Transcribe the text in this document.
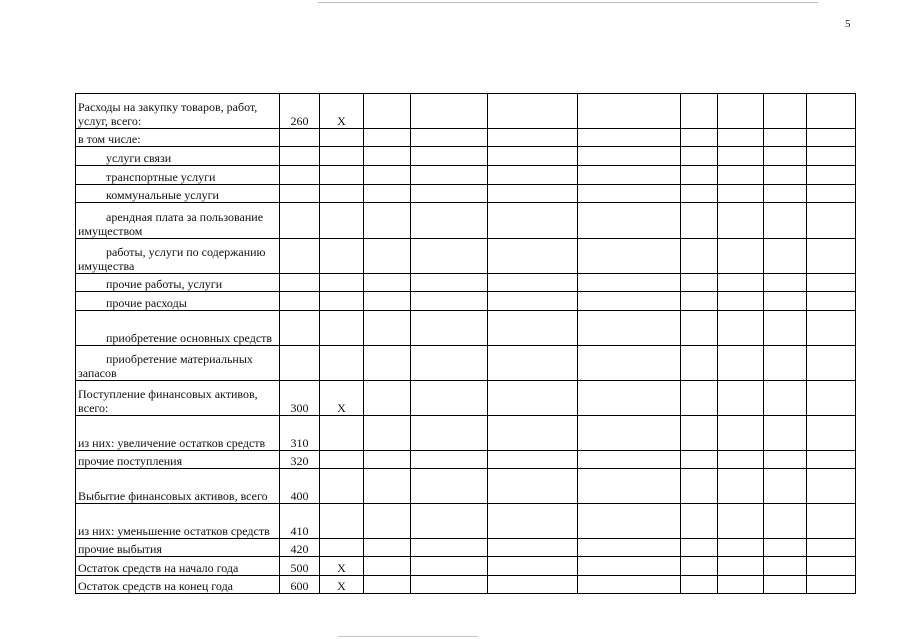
5
Расходы на закупку товаров, работ, услуг, всего:	260	X								
в том числе:										
услуги связи										
транспортные услуги										
коммунальные услуги										
арендная плата за пользование имуществом										
работы, услуги по содержанию имущества										
прочие работы, услуги										
прочие расходы										
приобретение основных средств										
приобретение материальных запасов										
Поступление финансовых активов, всего:	300	X								
из них: увеличение остатков средств	310									
прочие поступления	320									
Выбытие финансовых активов, всего	400									
из них: уменьшение остатков средств	410									
прочие выбытия	420									
Остаток средств на начало года	500	X								
Остаток средств на конец года	600	X								
